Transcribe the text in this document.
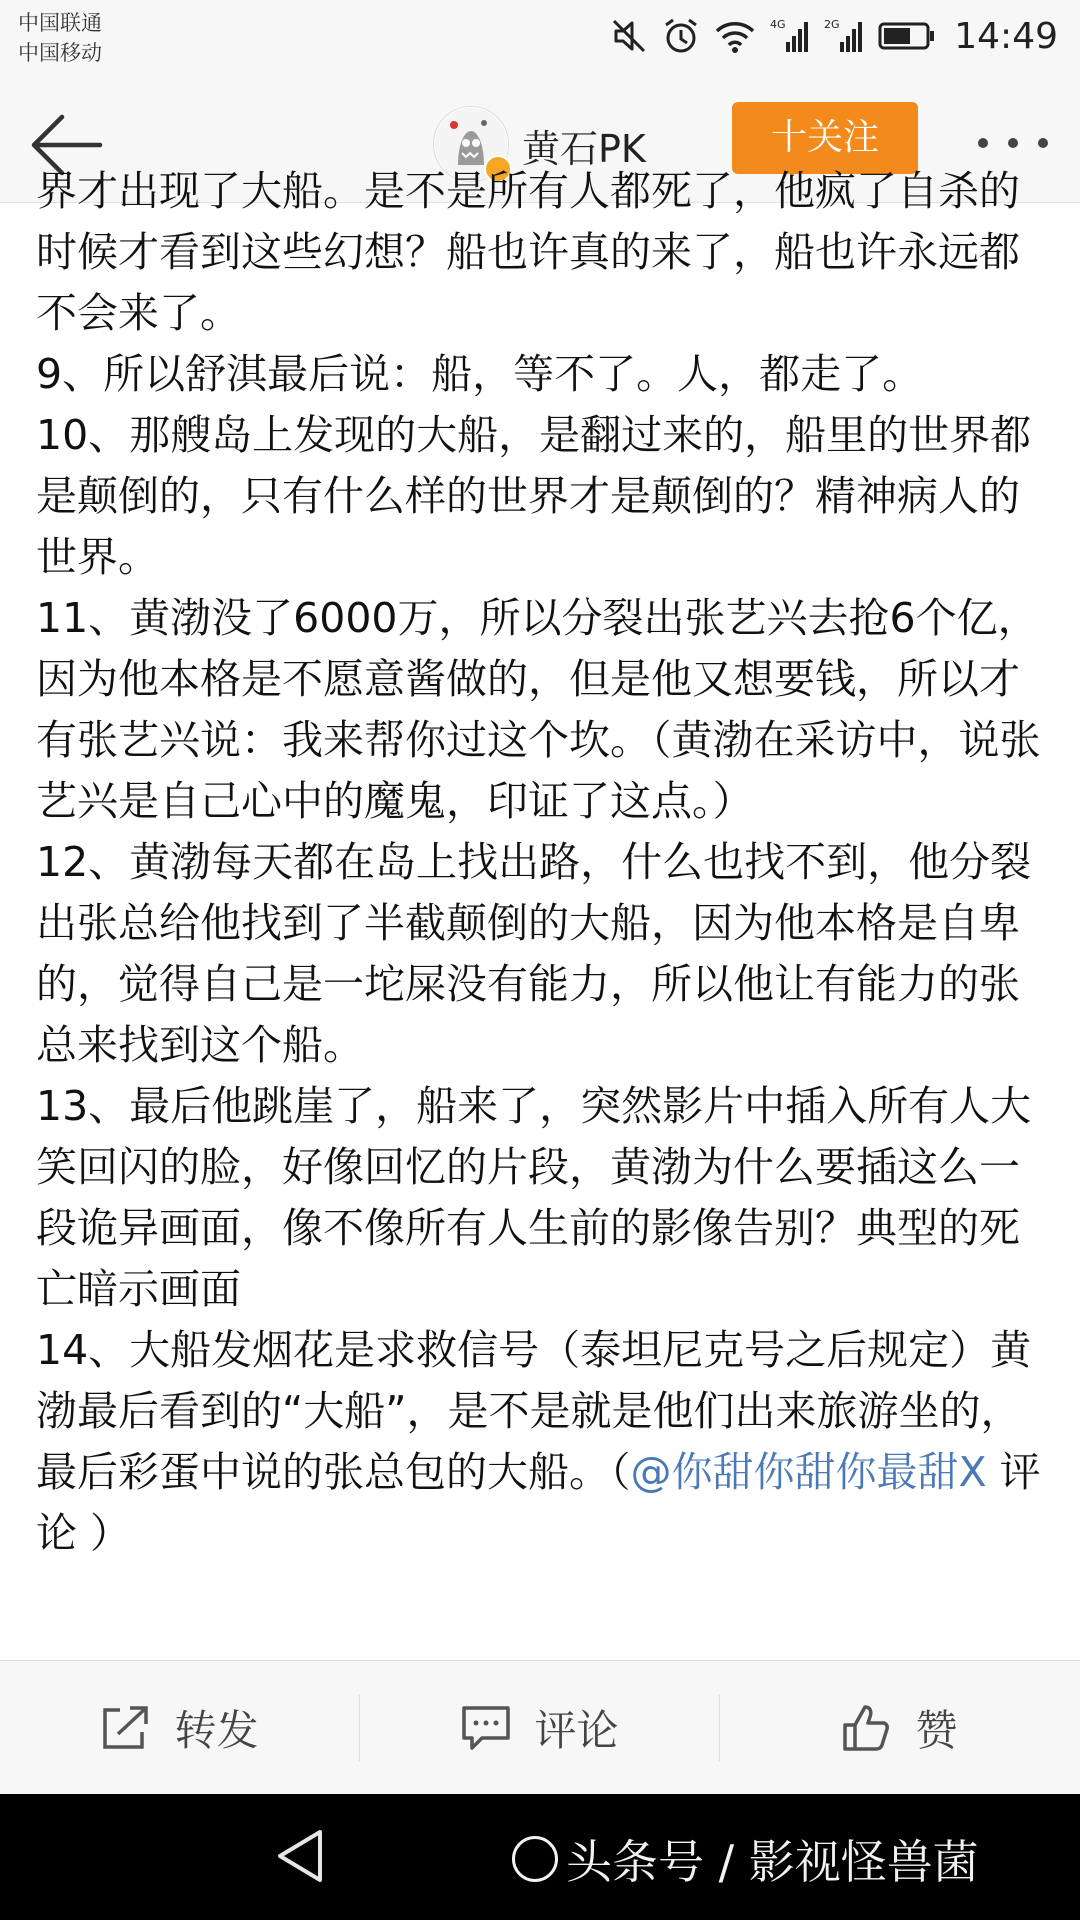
中国联通
中国移动
4G	2G	14:49
黄石PK	十关注

界才出现了大船。是不是所有人都死了，他疯了自杀的时候才看到这些幻想？船也许真的来了，船也许永远都不会来了。

9、所以舒淇最后说：船，等不了。人，都走了。

10、那艘岛上发现的大船，是翻过来的，船里的世界都是颠倒的，只有什么样的世界才是颠倒的？精神病人的世界。

11、黄渤没了6000万，所以分裂出张艺兴去抢6个亿，因为他本格是不愿意酱做的，但是他又想要钱，所以才有张艺兴说：我来帮你过这个坎。（黄渤在采访中，说张艺兴是自己心中的魔鬼，印证了这点。）

12、黄渤每天都在岛上找出路，什么也找不到，他分裂出张总给他找到了半截颠倒的大船，因为他本格是自卑的，觉得自己是一坨屎没有能力，所以他让有能力的张总来找到这个船。

13、最后他跳崖了，船来了，突然影片中插入所有人大笑回闪的脸，好像回忆的片段，黄渤为什么要插这么一段诡异画面，像不像所有人生前的影像告别？典型的死亡暗示画面

14、大船发烟花是求救信号（泰坦尼克号之后规定）黄渤最后看到的“大船”，是不是就是他们出来旅游坐的，最后彩蛋中说的张总包的大船。（@你甜你甜你最甜X 评论 ）

转发	评论	赞
头条号 / 影视怪兽菌
